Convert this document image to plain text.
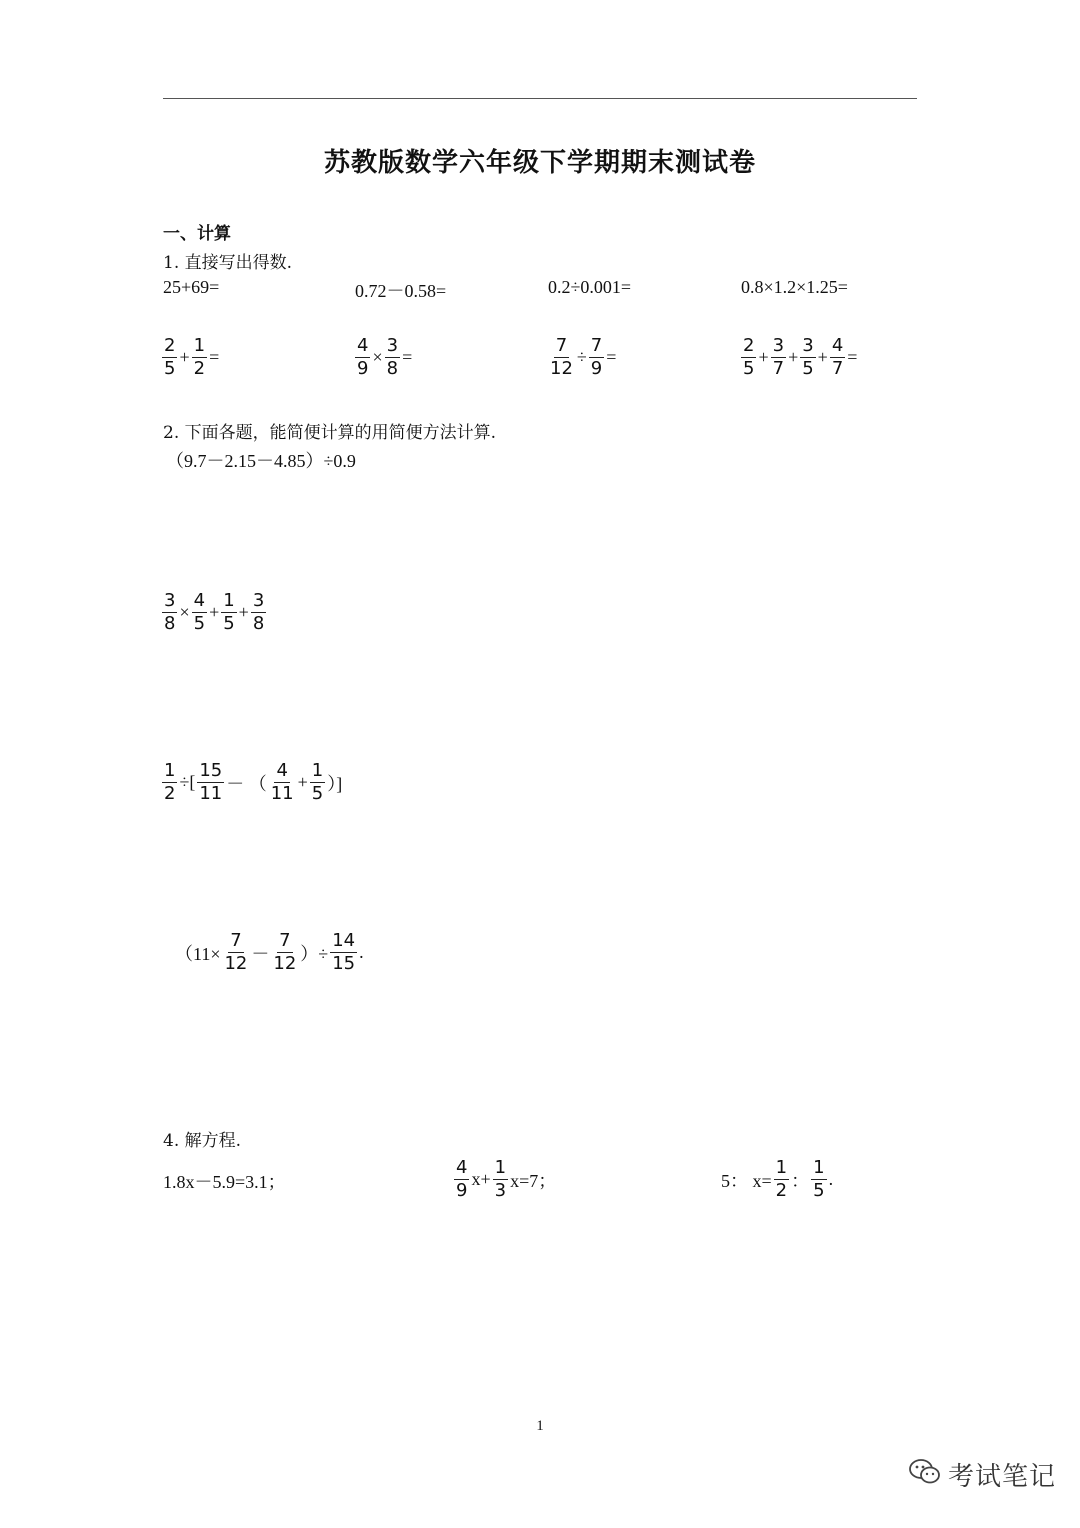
苏教版数学六年级下学期期末测试卷
一、计算
1. 直接写出得数.
25+69=	0.72－0.58=	0.2÷0.001=	0.8×1.2×1.25=
$\frac{2}{5} + \frac{1}{2}$ =	$\frac{4}{9} \times \frac{3}{8}$ =	$\frac{7}{12} \div \frac{7}{9}$ =	$\frac{2}{5} + \frac{3}{7} + \frac{3}{5} + \frac{4}{7}$ =
2. 下面各题，能简便计算的用简便方法计算.
（9.7－2.15－4.85）÷0.9
$\frac{3}{8} \times \frac{4}{5} + \frac{1}{5} + \frac{3}{8}$
$\frac{1}{2}$ ÷[ $\frac{15}{11}$ － （ $\frac{4}{11} + \frac{1}{5}$ ）]
（$11\times \frac{7}{12} - \frac{7}{12}$ ）÷ $\frac{14}{15}$ .
4. 解方程.
1.8x－5.9=3.1；	$\frac{4}{9} x+ \frac{1}{3} x=7$；	5： $x= \frac{1}{2}$ ： $\frac{1}{5}$ .
1
考试笔记
